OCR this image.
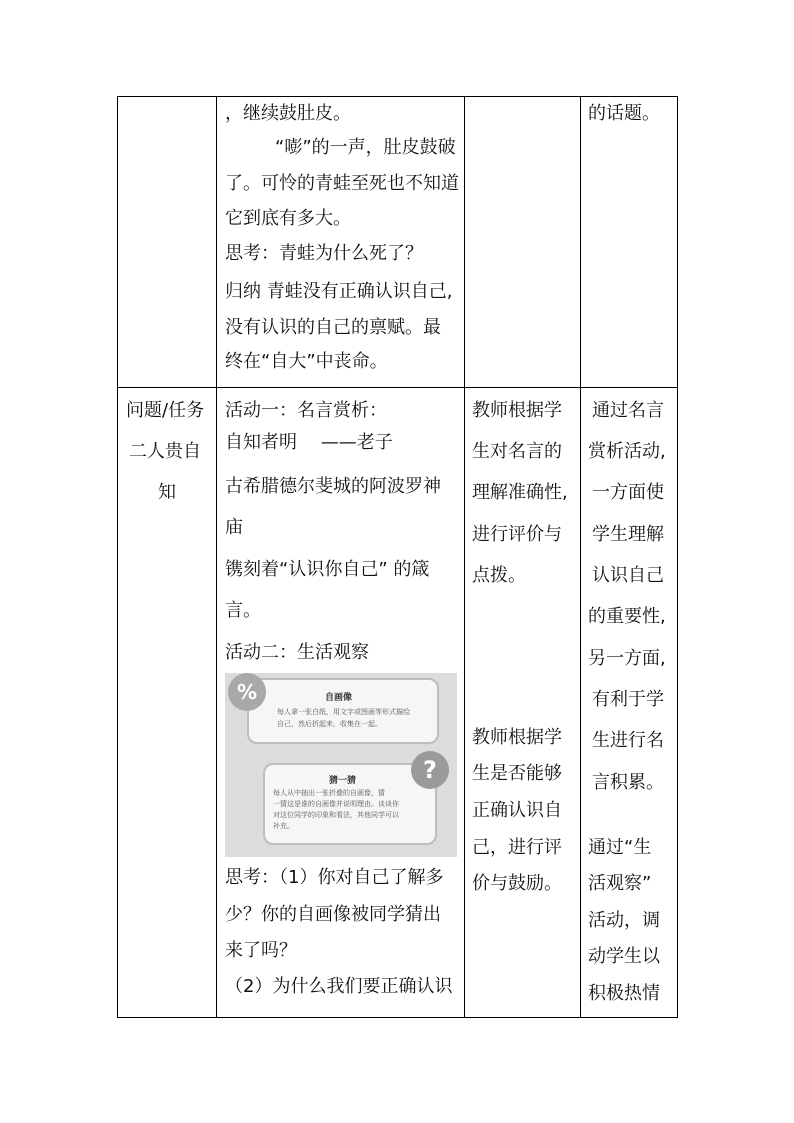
，继续鼓肚皮。
“嘭”的一声，肚皮鼓破
了。可怜的青蛙至死也不知道
它到底有多大。
思考：青蛙为什么死了？
归纳 青蛙没有正确认识自己,
没有认识的自己的禀赋。最
终在“自大”中丧命。
的话题。
问题/任务
二人贵自
知
活动一：名言赏析：
自知者明　 ——老子
古希腊德尔斐城的阿波罗神
庙
镌刻着“认识你自己” 的箴
言。
活动二：生活观察
自画像
每人拿一张白纸，用文字或图画等形式描绘
自己，然后折起来，收集在一起。
%
猜一猜
每人从中抽出一张折叠的自画像，猜
一猜这是谁的自画像并说明理由。谈谈你
对这位同学的印象和看法，其他同学可以
补充。
?
思考：（1）你对自己了解多
少？你的自画像被同学猜出
来了吗？
（2）为什么我们要正确认识
教师根据学
生对名言的
理解准确性,
进行评价与
点拨。
教师根据学
生是否能够
正确认识自
己，进行评
价与鼓励。
通过名言
赏析活动,
一方面使
学生理解
认识自己
的重要性,
另一方面,
有利于学
生进行名
言积累。
通过“生
活观察”
活动，调
动学生以
积极热情
